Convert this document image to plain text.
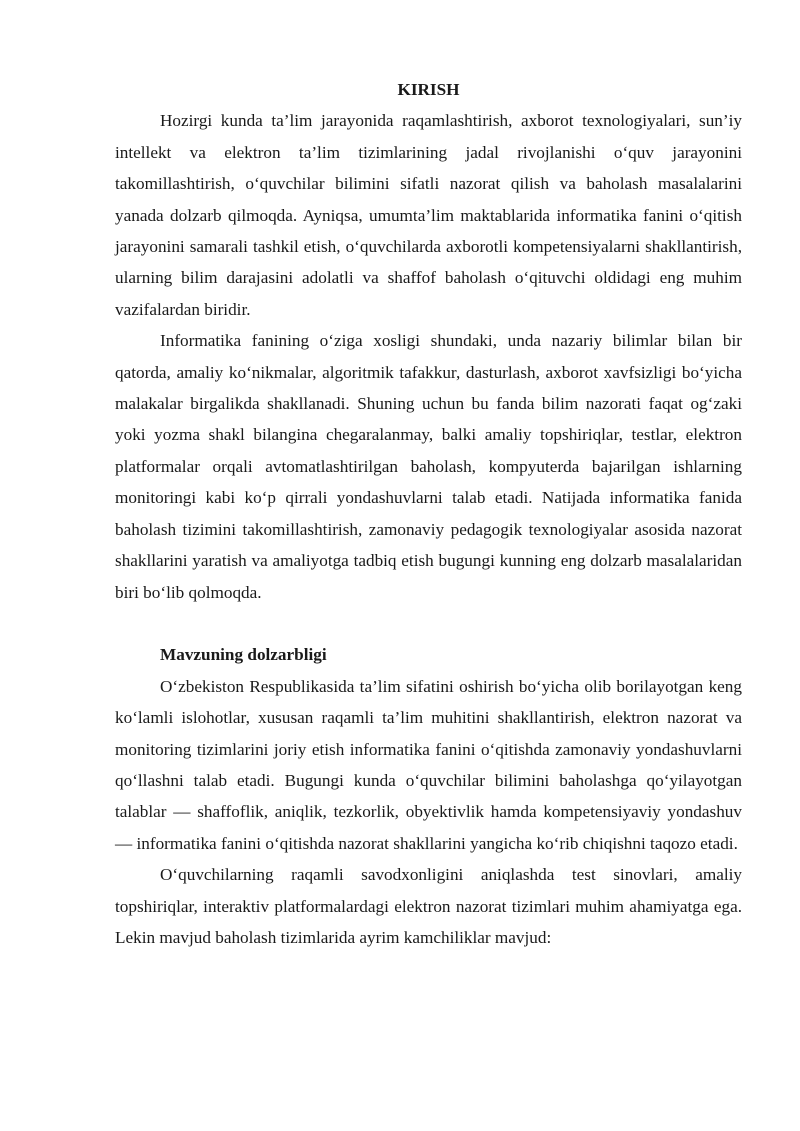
KIRISH

Hozirgi kunda ta’lim jarayonida raqamlashtirish, axborot texnologiyalari, sun’iy intellekt va elektron ta’lim tizimlarining jadal rivojlanishi o‘quv jarayonini takomillashtirish, o‘quvchilar bilimini sifatli nazorat qilish va baholash masalalarini yanada dolzarb qilmoqda. Ayniqsa, umumta’lim maktablarida informatika fanini o‘qitish jarayonini samarali tashkil etish, o‘quvchilarda axborotli kompetensiyalarni shakllantirish, ularning bilim darajasini adolatli va shaffof baholash o‘qituvchi oldidagi eng muhim vazifalardan biridir.

Informatika fanining o‘ziga xosligi shundaki, unda nazariy bilimlar bilan bir qatorda, amaliy ko‘nikmalar, algoritmik tafakkur, dasturlash, axborot xavfsizligi bo‘yicha malakalar birgalikda shakllanadi. Shuning uchun bu fanda bilim nazorati faqat og‘zaki yoki yozma shakl bilangina chegaralanmay, balki amaliy topshiriqlar, testlar, elektron platformalar orqali avtomatlashtirilgan baholash, kompyuterda bajarilgan ishlarning monitoringi kabi ko‘p qirrali yondashuvlarni talab etadi. Natijada informatika fanida baholash tizimini takomillashtirish, zamonaviy pedagogik texnologiyalar asosida nazorat shakllarini yaratish va amaliyotga tadbiq etish bugungi kunning eng dolzarb masalalaridan biri bo‘lib qolmoqda.

Mavzuning dolzarbligi

O‘zbekiston Respublikasida ta’lim sifatini oshirish bo‘yicha olib borilayotgan keng ko‘lamli islohotlar, xususan raqamli ta’lim muhitini shakllantirish, elektron nazorat va monitoring tizimlarini joriy etish informatika fanini o‘qitishda zamonaviy yondashuvlarni qo‘llashni talab etadi. Bugungi kunda o‘quvchilar bilimini baholashga qo‘yilayotgan talablar — shaffoflik, aniqlik, tezkorlik, obyektivlik hamda kompetensiyaviy yondashuv — informatika fanini o‘qitishda nazorat shakllarini yangicha ko‘rib chiqishni taqozo etadi.

O‘quvchilarning raqamli savodxonligini aniqlashda test sinovlari, amaliy topshiriqlar, interaktiv platformalardagi elektron nazorat tizimlari muhim ahamiyatga ega. Lekin mavjud baholash tizimlarida ayrim kamchiliklar mavjud:
